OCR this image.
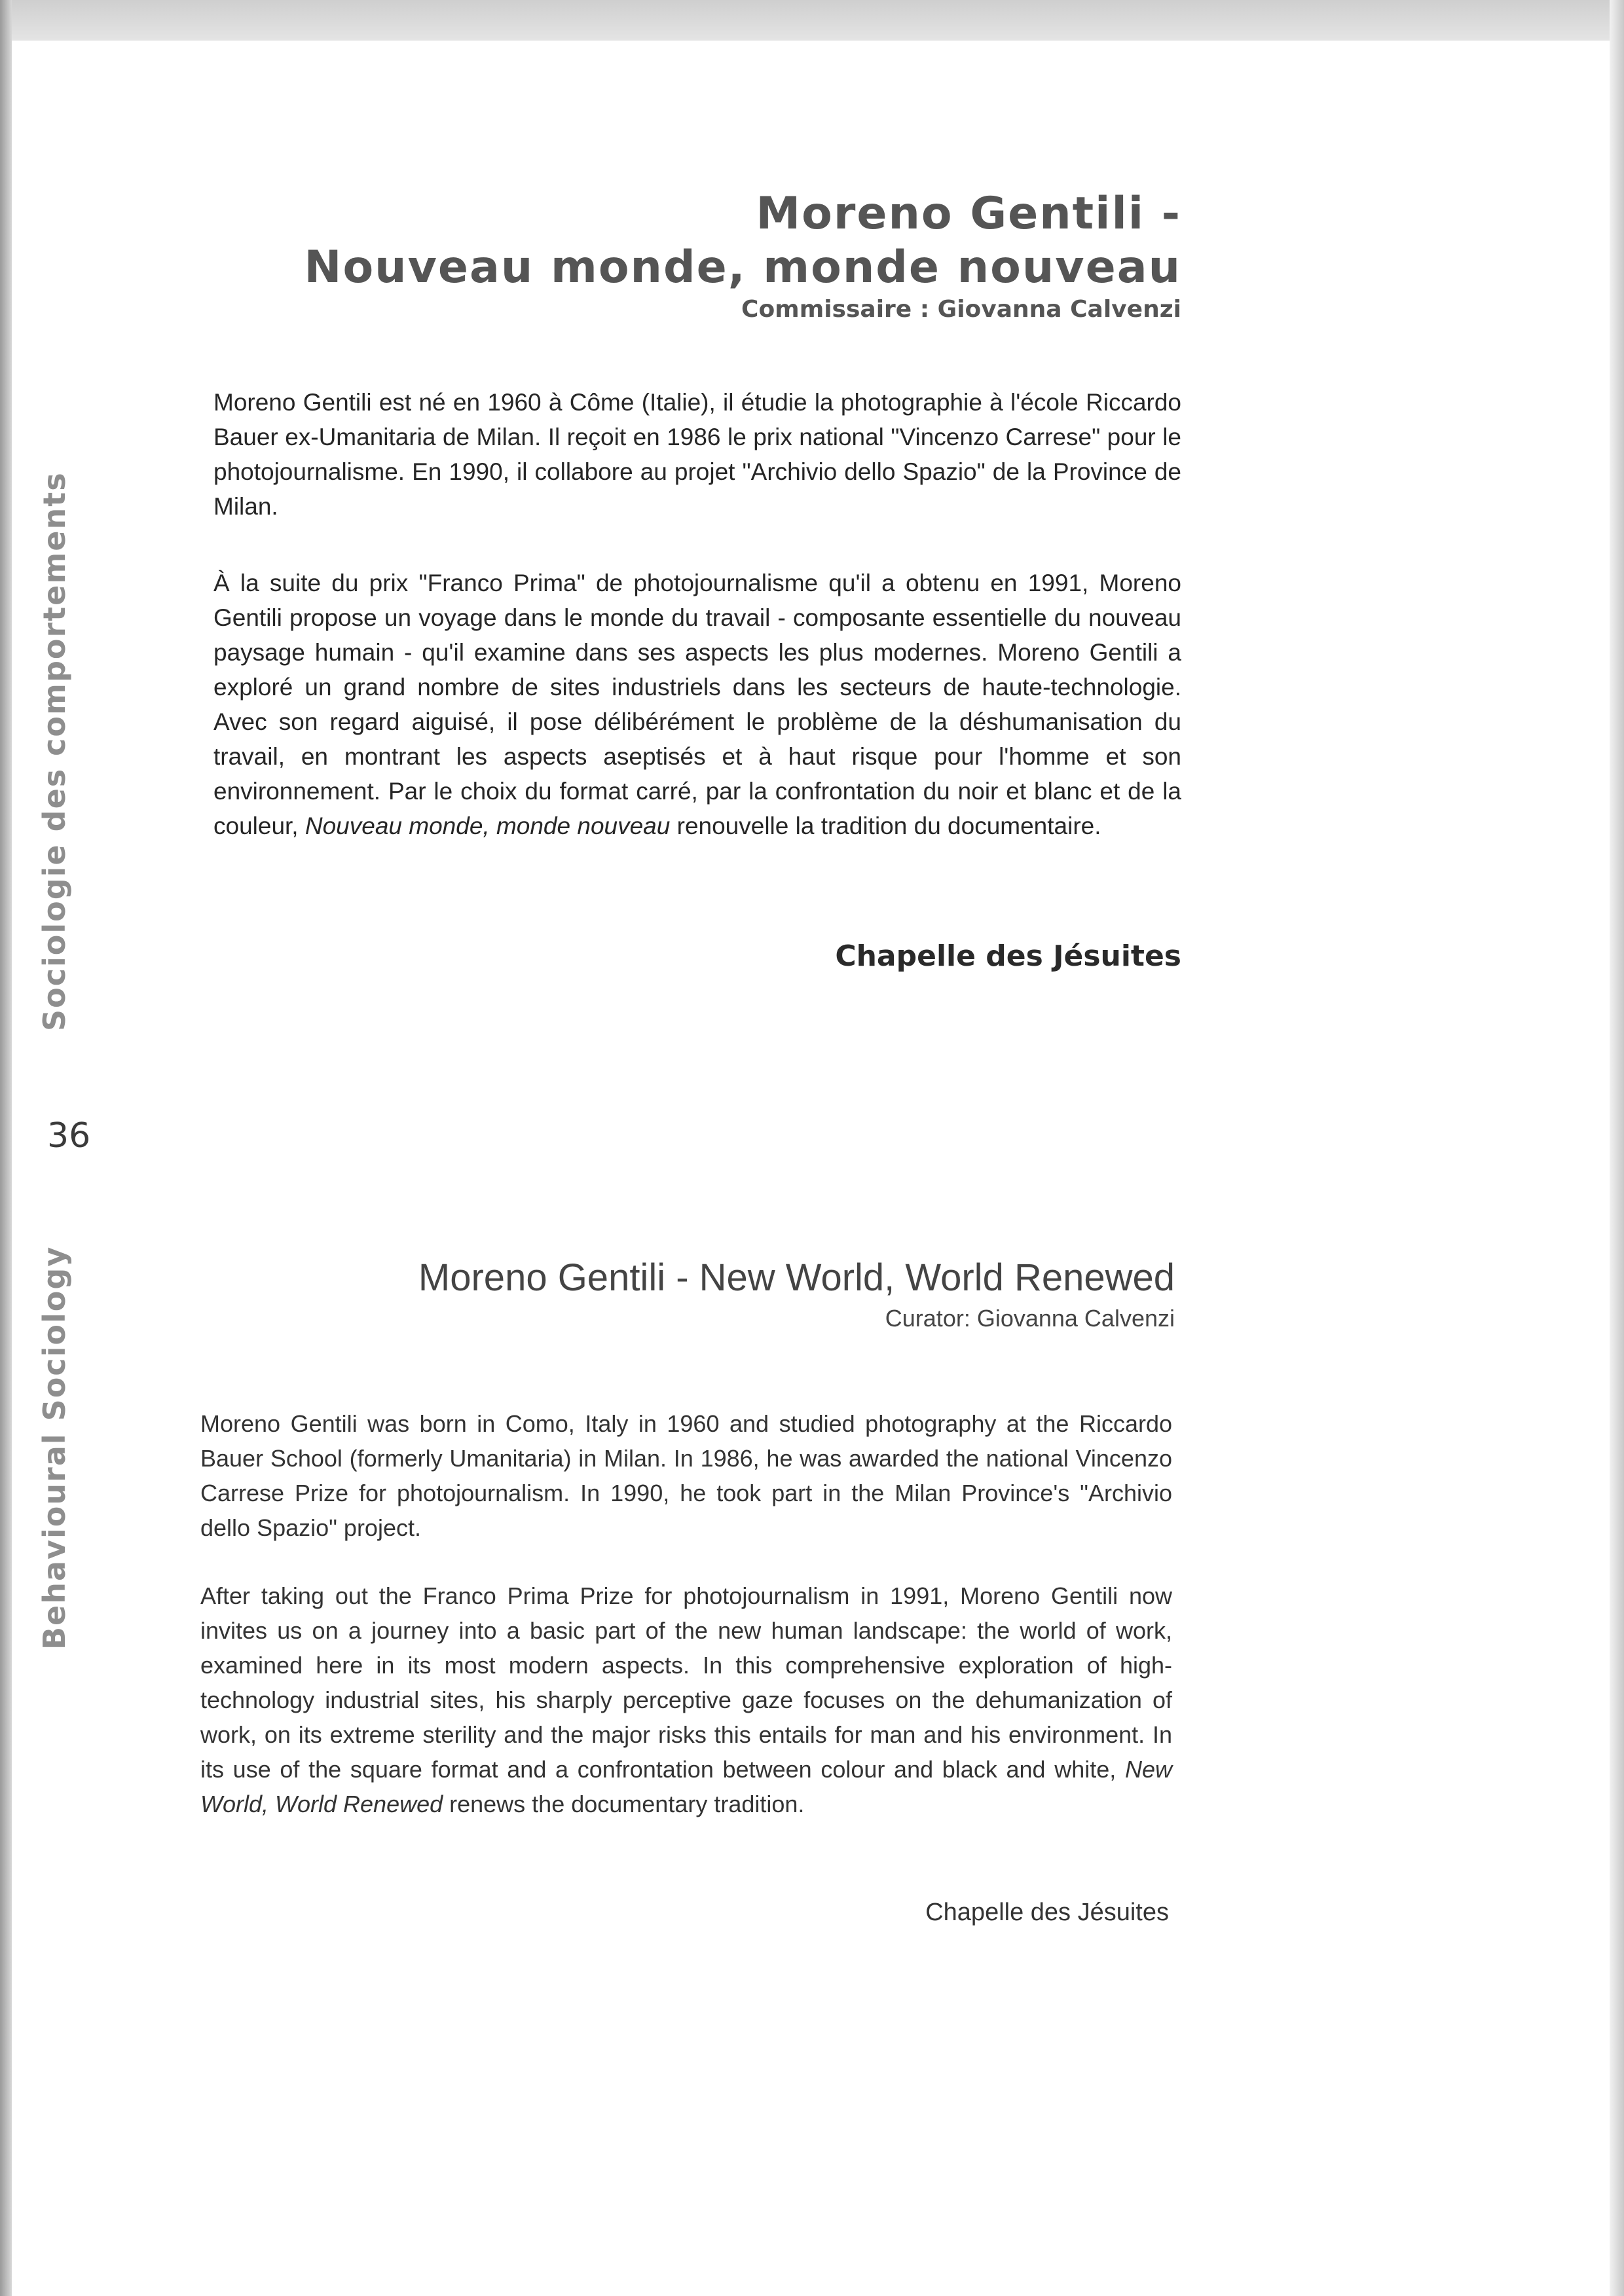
Sociologie des comportements
Behavioural Sociology
36
Moreno Gentili -
Nouveau monde, monde nouveau
Commissaire : Giovanna Calvenzi

Moreno Gentili est né en 1960 à Côme (Italie), il étudie la photographie à l'école Riccardo Bauer ex-Umanitaria de Milan. Il reçoit en 1986 le prix national "Vincenzo Carrese" pour le photojournalisme. En 1990, il collabore au projet "Archivio dello Spazio" de la Province de Milan.

À la suite du prix "Franco Prima" de photojournalisme qu'il a obtenu en 1991, Moreno Gentili propose un voyage dans le monde du travail - composante essentielle du nouveau paysage humain - qu'il examine dans ses aspects les plus modernes. Moreno Gentili a exploré un grand nombre de sites industriels dans les secteurs de haute-technologie. Avec son regard aiguisé, il pose délibérément le problème de la déshumanisation du travail, en montrant les aspects aseptisés et à haut risque pour l'homme et son environnement. Par le choix du format carré, par la confrontation du noir et blanc et de la couleur, Nouveau monde, monde nouveau renouvelle la tradition du documentaire.

Chapelle des Jésuites
Moreno Gentili - New World, World Renewed
Curator: Giovanna Calvenzi

Moreno Gentili was born in Como, Italy in 1960 and studied photography at the Riccardo Bauer School (formerly Umanitaria) in Milan. In 1986, he was awarded the national Vincenzo Carrese Prize for photojournalism. In 1990, he took part in the Milan Province's "Archivio dello Spazio" project.

After taking out the Franco Prima Prize for photojournalism in 1991, Moreno Gentili now invites us on a journey into a basic part of the new human landscape: the world of work, examined here in its most modern aspects. In this comprehensive exploration of high-technology industrial sites, his sharply perceptive gaze focuses on the dehumanization of work, on its extreme sterility and the major risks this entails for man and his environment. In its use of the square format and a confrontation between colour and black and white, New World, World Renewed renews the documentary tradition.

Chapelle des Jésuites
